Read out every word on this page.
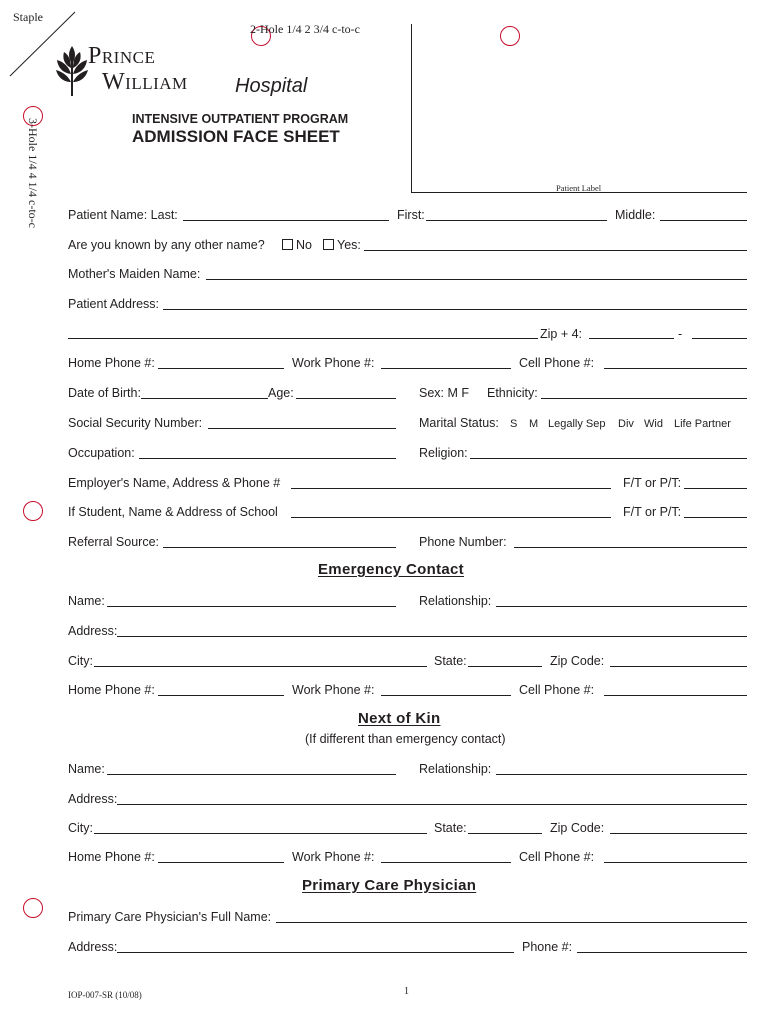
Staple
2-Hole 1/4 2 3/4 c-to-c
3-Hole 1/4 4 1/4 c-to-c
Prince
William Hospital
INTENSIVE OUTPATIENT PROGRAM
ADMISSION FACE SHEET
Patient Label
Patient Name: Last:	First:	Middle:
Are you known by any other name?	No	Yes:
Mother's Maiden Name:
Patient Address:
Zip + 4:	-
Home Phone #:	Work Phone #:	Cell Phone #:
Date of Birth:	Age:	Sex: M F Ethnicity:
Social Security Number:	Marital Status: S M Legally Sep Div Wid Life Partner
Occupation:	Religion:
Employer's Name, Address & Phone #	F/T or P/T:
If Student, Name & Address of School	F/T or P/T:
Referral Source:	Phone Number:
Emergency Contact
Name:	Relationship:
Address:
City:	State:	Zip Code:
Home Phone #:	Work Phone #:	Cell Phone #:
Next of Kin
(If different than emergency contact)
Name:	Relationship:
Address:
City:	State:	Zip Code:
Home Phone #:	Work Phone #:	Cell Phone #:
Primary Care Physician
Primary Care Physician's Full Name:
Address:	Phone #:
IOP-007-SR (10/08)	1
